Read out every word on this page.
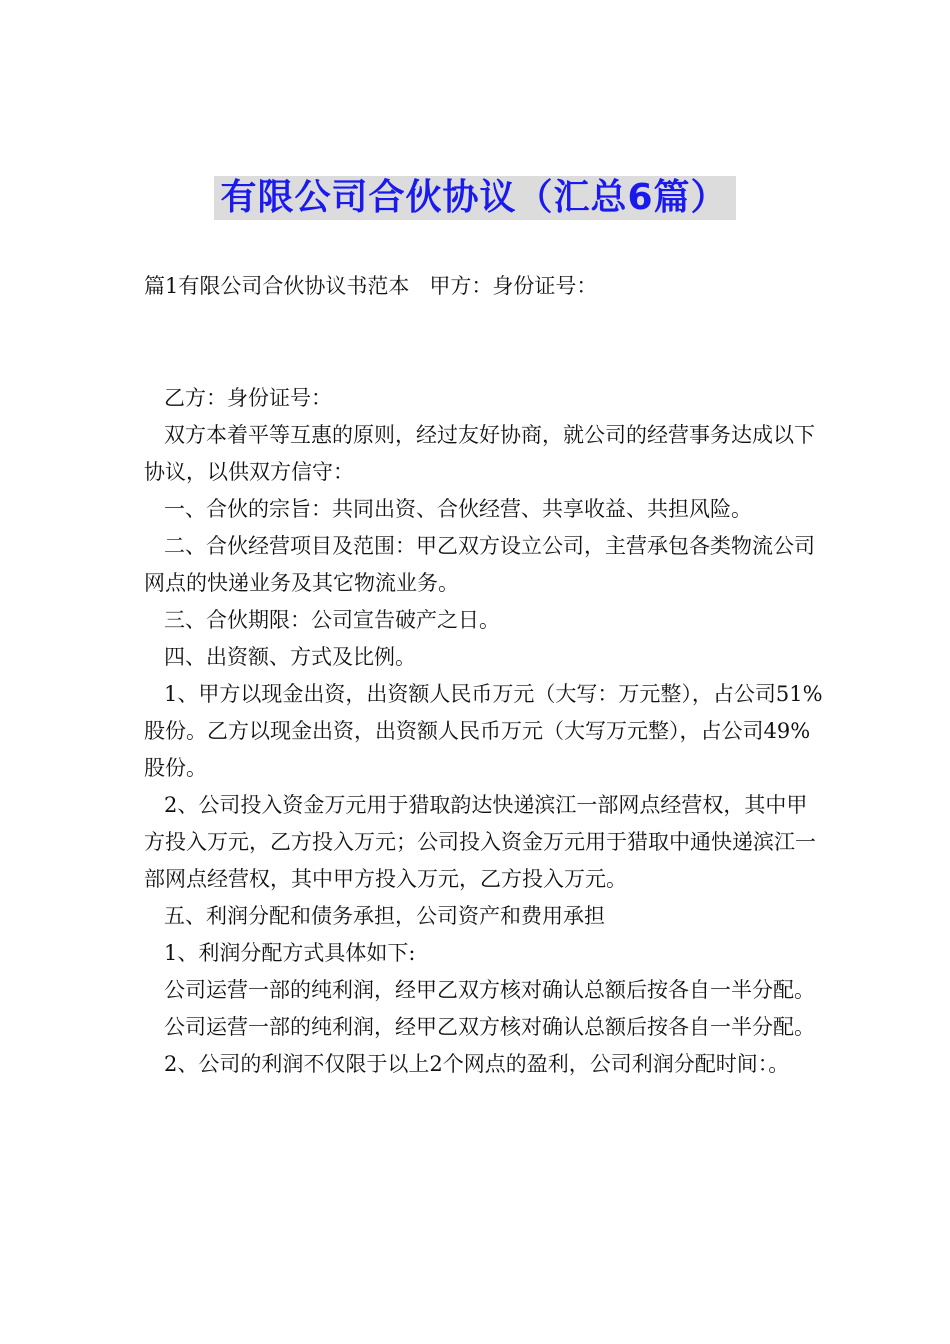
有限公司合伙协议（汇总6篇）

篇1有限公司合伙协议书范本   甲方：身份证号：

乙方：身份证号：

双方本着平等互惠的原则，经过友好协商，就公司的经营事务达成以下协议，以供双方信守：

一、合伙的宗旨：共同出资、合伙经营、共享收益、共担风险。

二、合伙经营项目及范围：甲乙双方设立公司，主营承包各类物流公司网点的快递业务及其它物流业务。

三、合伙期限：公司宣告破产之日。

四、出资额、方式及比例。

1、甲方以现金出资，出资额人民币万元（大写：万元整），占公司51%股份。乙方以现金出资，出资额人民币万元（大写万元整），占公司49%股份。

2、公司投入资金万元用于猎取韵达快递滨江一部网点经营权，其中甲方投入万元，乙方投入万元；公司投入资金万元用于猎取中通快递滨江一部网点经营权，其中甲方投入万元，乙方投入万元。

五、利润分配和债务承担，公司资产和费用承担

1、利润分配方式具体如下:

公司运营一部的纯利润，经甲乙双方核对确认总额后按各自一半分配。

公司运营一部的纯利润，经甲乙双方核对确认总额后按各自一半分配。

2、公司的利润不仅限于以上2个网点的盈利，公司利润分配时间：。
